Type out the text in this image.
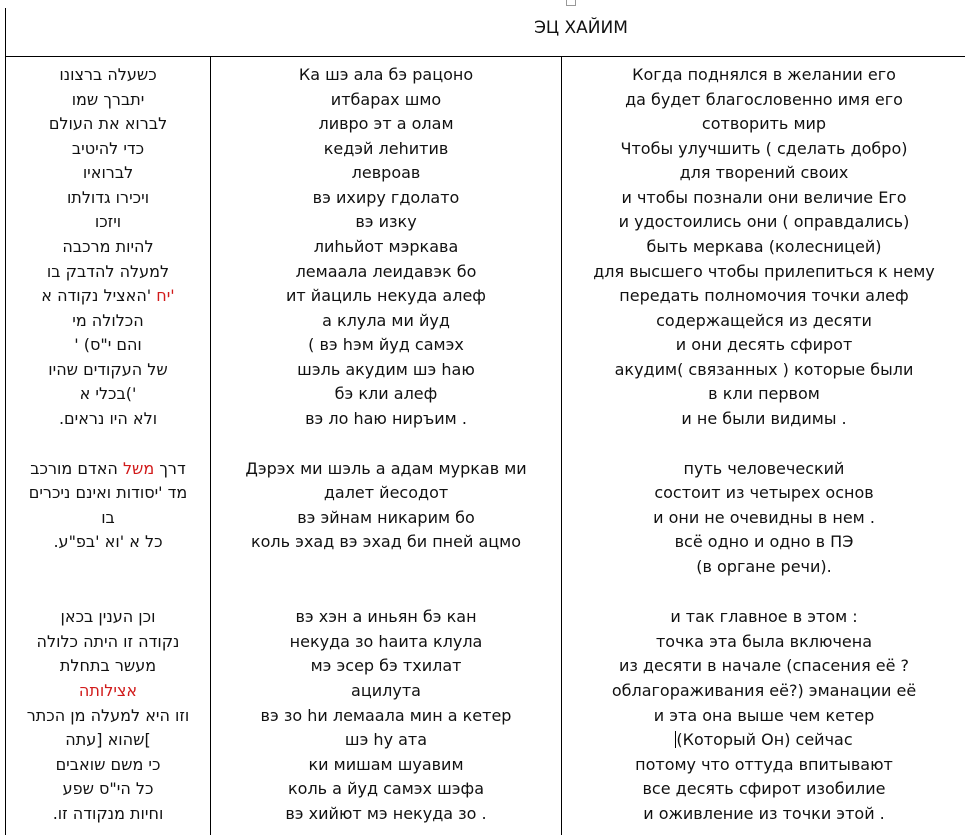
ЭЦ ХАЙИМ
כשעלה ברצונו
יתברך שמו
לברוא את העולם
כדי להיטיב
לברואיו
ויכירו גדולתו
ויזכו
להיות מרכבה
למעלה להדבק בו
'יח 'האציל נקודה א
הכלולה מי
והם י"ס) '
של העקודים שהיו
')בכלי א
ולא היו נראים.
דרך משל האדם מורכב
מד 'יסודות ואינם ניכרים
בו
כל א 'וא 'בפ"ע.
וכן הענין בכאן
נקודה זו היתה כלולה
מעשר בתחלת
אצילותה
וזו היא למעלה מן הכתר
]שהוא [עתה
כי משם שואבים
כל הי"ס שפע
וחיות מנקודה זו.
Ка шэ ала бэ рацоно
итбарах шмо
ливро эт а олам
кедэй леhитив
левроав
вэ ихиру гдолато
вэ изку
лиhьйот мэркава
лемаала леидавэк бо
ит йациль некуда алеф
а клула ми йуд
( вэ hэм йуд самэх
шэль акудим шэ hаю
бэ кли алеф
вэ ло hаю ниръим .
Дэрэх ми шэль а адам муркав ми
далет йесодот
вэ эйнам никарим бо
коль эхад вэ эхад би пней ацмо
вэ хэн а иньян бэ кан
некуда зо hаита клула
мэ эсер бэ тхилат
ацилута
вэ зо hи лемаала мин а кетер
шэ hу ата
ки мишам шуавим
коль а йуд самэх шэфа
вэ хийют мэ некуда зо .
Когда поднялся в желании его
да будет благословенно имя его
сотворить мир
Чтобы улучшить ( сделать добро)
для творений своих
и чтобы познали они величие Его
и удостоились они ( оправдались)
быть меркава (колесницей)
для высшего чтобы прилепиться к нему
передать полномочия точки алеф
содержащейся из десяти
и они десять сфирот
акудим( связанных ) которые были
в кли первом
и не были видимы .
путь человеческий
состоит из четырех основ
и они не очевидны в нем .
всё одно и одно в ПЭ
(в органе речи).
и так главное в этом :
точка эта была включена
из десяти в начале (спасения её ?
облагораживания её?) эманации её
и эта она выше чем кетер
(Который Он) сейчас
потому что оттуда впитывают
все десять сфирот изобилие
и оживление из точки этой .
